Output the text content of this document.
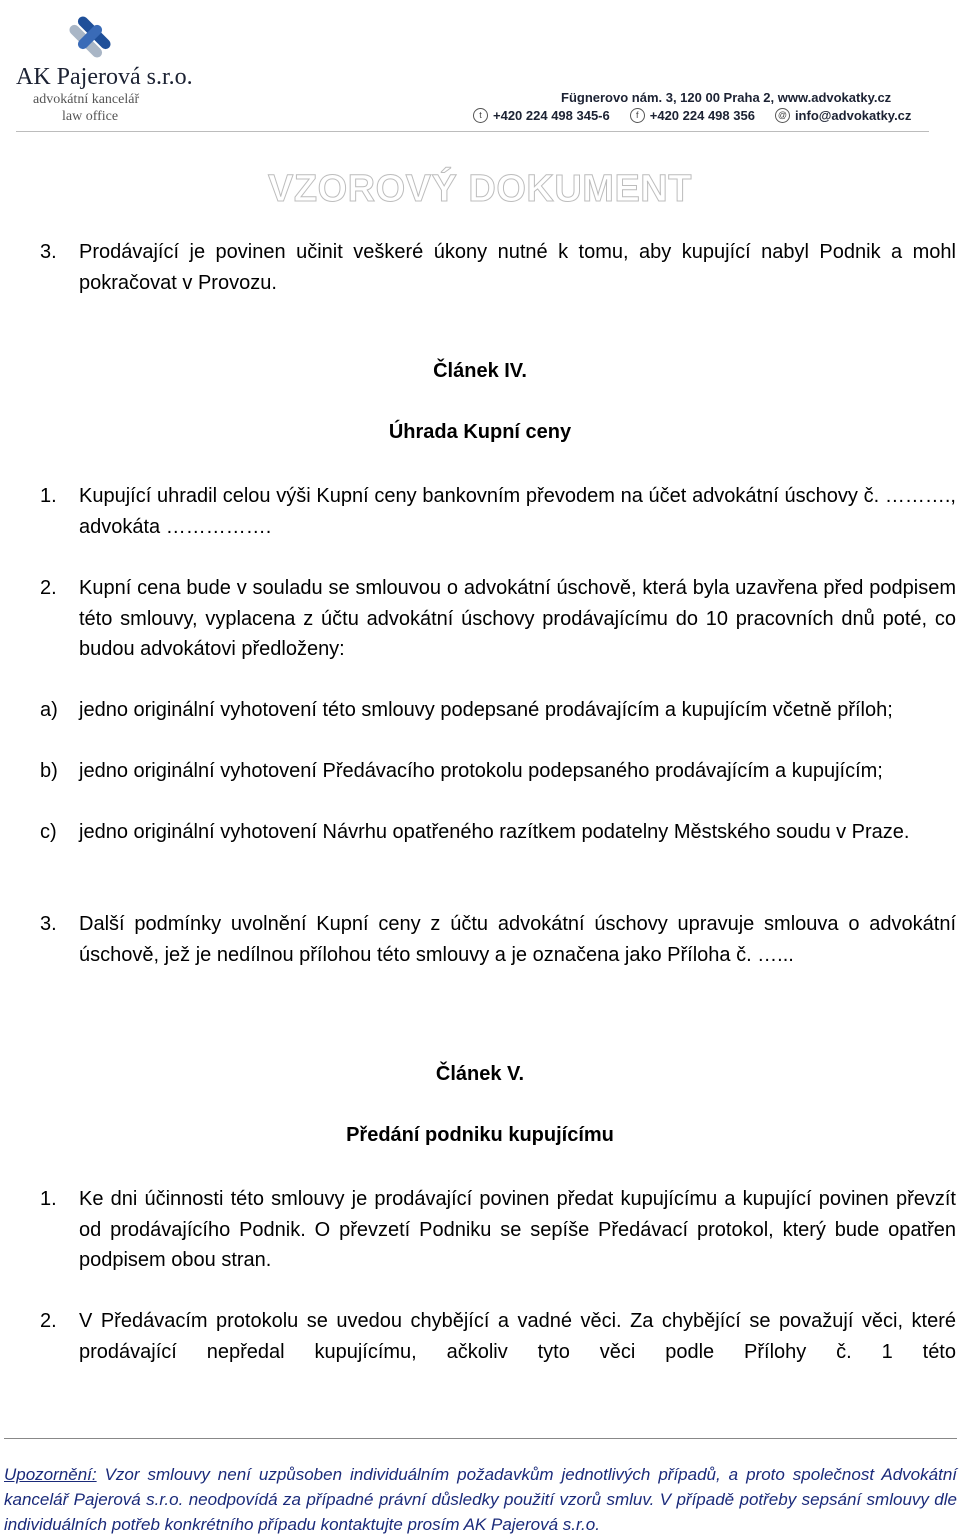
AK Pajerová s.r.o.
advokátní kancelář
law office
Fügnerovo nám. 3, 120 00 Praha 2, www.advokatky.cz
t +420 224 498 345-6	f +420 224 498 356	@ info@advokatky.cz
VZOROVÝ DOKUMENT
3.	Prodávající je povinen učinit veškeré úkony nutné k tomu, aby kupující nabyl Podnik a mohl pokračovat v Provozu.
Článek IV.
Úhrada Kupní ceny
1.	Kupující uhradil celou výši Kupní ceny bankovním převodem na účet advokátní úschovy č. ………., advokáta …………….
2.	Kupní cena bude v souladu se smlouvou o advokátní úschově, která byla uzavřena před podpisem této smlouvy, vyplacena z účtu advokátní úschovy prodávajícímu do 10 pracovních dnů poté, co budou advokátovi předloženy:
a)	jedno originální vyhotovení této smlouvy podepsané prodávajícím a kupujícím včetně příloh;
b)	jedno originální vyhotovení Předávacího protokolu podepsaného prodávajícím a kupujícím;
c)	jedno originální vyhotovení Návrhu opatřeného razítkem podatelny Městského soudu v Praze.
3.	Další podmínky uvolnění Kupní ceny z účtu advokátní úschovy upravuje smlouva o advokátní úschově, jež je nedílnou přílohou této smlouvy a je označena jako Příloha č. …...
Článek V.
Předání podniku kupujícímu
1.	Ke dni účinnosti této smlouvy je prodávající povinen předat kupujícímu a kupující povinen převzít od prodávajícího Podnik. O převzetí Podniku se sepíše Předávací protokol, který bude opatřen podpisem obou stran.
2.	V Předávacím protokolu se uvedou chybějící a vadné věci. Za chybějící se považují věci, které prodávající nepředal kupujícímu, ačkoliv tyto věci podle Přílohy č. 1 této
Upozornění: Vzor smlouvy není uzpůsoben individuálním požadavkům jednotlivých případů, a proto společnost Advokátní kancelář Pajerová s.r.o. neodpovídá za případné právní důsledky použití vzorů smluv. V případě potřeby sepsání smlouvy dle individuálních potřeb konkrétního případu kontaktujte prosím AK Pajerová s.r.o.
